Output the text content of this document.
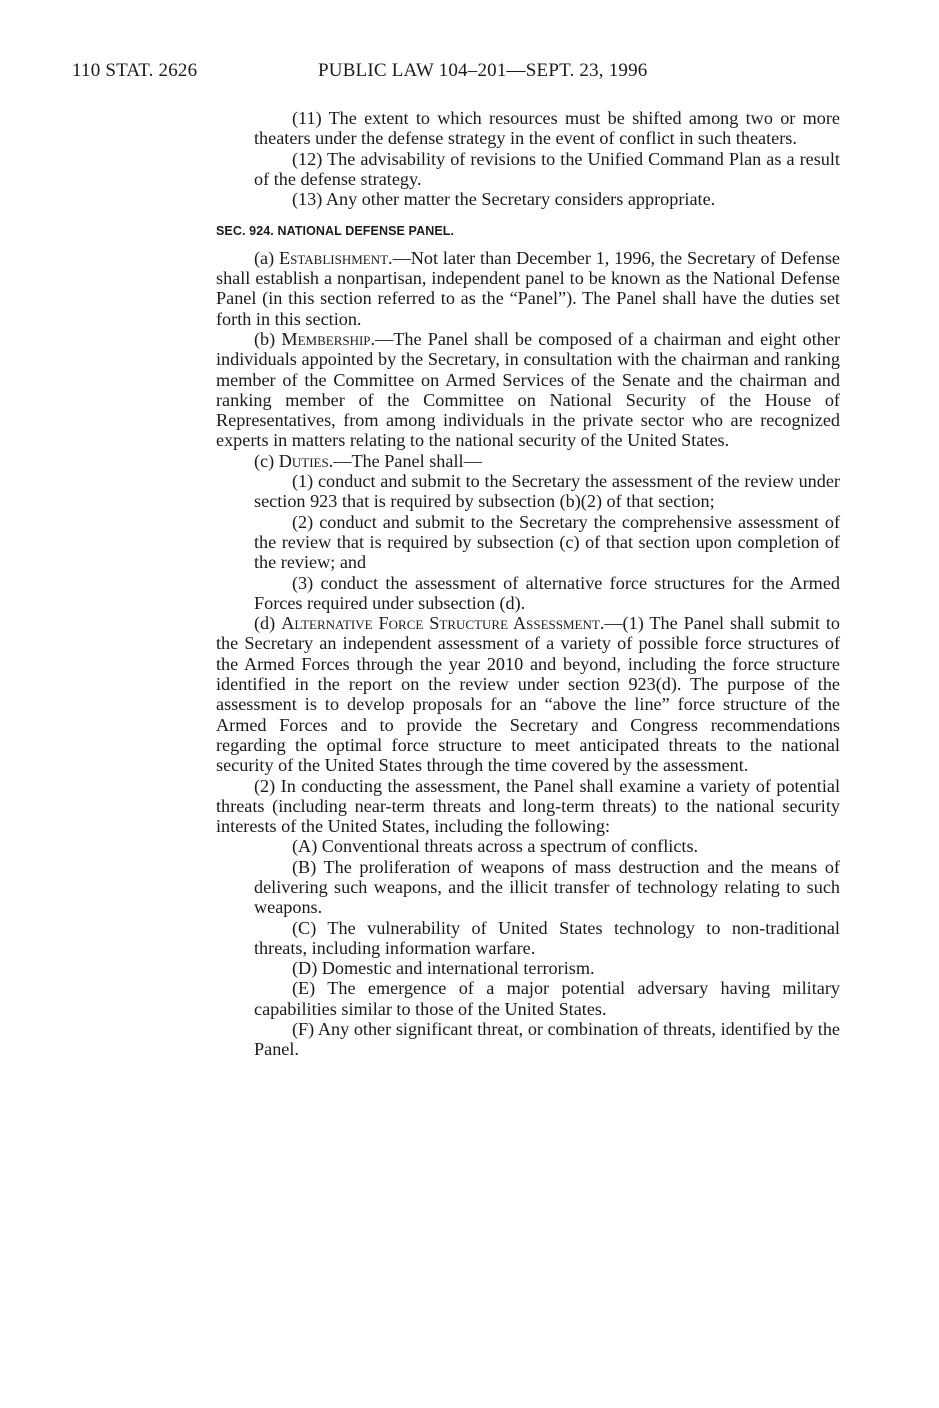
110 STAT. 2626	PUBLIC LAW 104–201—SEPT. 23, 1996

(11) The extent to which resources must be shifted among two or more theaters under the defense strategy in the event of conflict in such theaters.

(12) The advisability of revisions to the Unified Command Plan as a result of the defense strategy.

(13) Any other matter the Secretary considers appropriate.

SEC. 924. NATIONAL DEFENSE PANEL.

(a) Establishment.—Not later than December 1, 1996, the Secretary of Defense shall establish a nonpartisan, independent panel to be known as the National Defense Panel (in this section referred to as the “Panel”). The Panel shall have the duties set forth in this section.

(b) Membership.—The Panel shall be composed of a chairman and eight other individuals appointed by the Secretary, in consultation with the chairman and ranking member of the Committee on Armed Services of the Senate and the chairman and ranking member of the Committee on National Security of the House of Representatives, from among individuals in the private sector who are recognized experts in matters relating to the national security of the United States.

(c) Duties.—The Panel shall—

(1) conduct and submit to the Secretary the assessment of the review under section 923 that is required by subsection (b)(2) of that section;

(2) conduct and submit to the Secretary the comprehensive assessment of the review that is required by subsection (c) of that section upon completion of the review; and

(3) conduct the assessment of alternative force structures for the Armed Forces required under subsection (d).

(d) Alternative Force Structure Assessment.—(1) The Panel shall submit to the Secretary an independent assessment of a variety of possible force structures of the Armed Forces through the year 2010 and beyond, including the force structure identified in the report on the review under section 923(d). The purpose of the assessment is to develop proposals for an “above the line” force structure of the Armed Forces and to provide the Secretary and Congress recommendations regarding the optimal force structure to meet anticipated threats to the national security of the United States through the time covered by the assessment.

(2) In conducting the assessment, the Panel shall examine a variety of potential threats (including near-term threats and long-term threats) to the national security interests of the United States, including the following:

(A) Conventional threats across a spectrum of conflicts.

(B) The proliferation of weapons of mass destruction and the means of delivering such weapons, and the illicit transfer of technology relating to such weapons.

(C) The vulnerability of United States technology to non-traditional threats, including information warfare.

(D) Domestic and international terrorism.

(E) The emergence of a major potential adversary having military capabilities similar to those of the United States.

(F) Any other significant threat, or combination of threats, identified by the Panel.
